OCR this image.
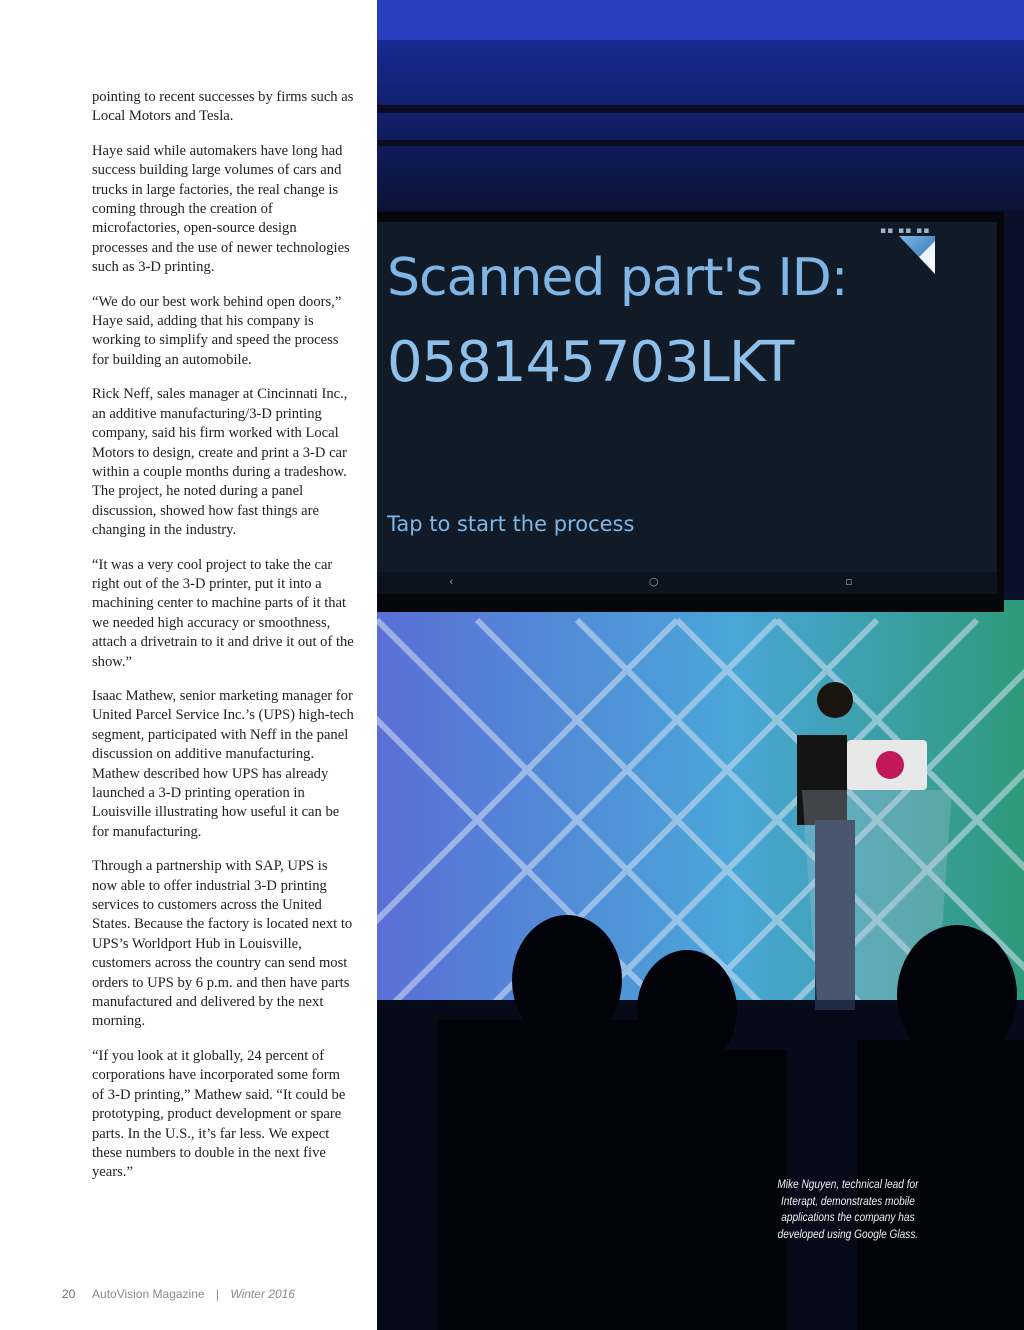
pointing to recent successes by firms such as Local Motors and Tesla.

Haye said while automakers have long had success building large volumes of cars and trucks in large factories, the real change is coming through the creation of microfactories, open-source design processes and the use of newer technologies such as 3-D printing.

“We do our best work behind open doors,” Haye said, adding that his company is working to simplify and speed the process for building an automobile.

Rick Neff, sales manager at Cincinnati Inc., an additive manufacturing/3-D printing company, said his firm worked with Local Motors to design, create and print a 3-D car within a couple months during a tradeshow. The project, he noted during a panel discussion, showed how fast things are changing in the industry.

“It was a very cool project to take the car right out of the 3-D printer, put it into a machining center to machine parts of it that we needed high accuracy or smoothness, attach a drivetrain to it and drive it out of the show.”

Isaac Mathew, senior marketing manager for United Parcel Service Inc.’s (UPS) high-tech segment, participated with Neff in the panel discussion on additive manufacturing. Mathew described how UPS has already launched a 3-D printing operation in Louisville illustrating how useful it can be for manufacturing.

Through a partnership with SAP, UPS is now able to offer industrial 3-D printing services to customers across the United States. Because the factory is located next to UPS’s Worldport Hub in Louisville, customers across the country can send most orders to UPS by 6 p.m. and then have parts manufactured and delivered by the next morning.

“If you look at it globally, 24 percent of corporations have incorporated some form of 3-D printing,” Mathew said. “It could be prototyping, product development or spare parts. In the U.S., it’s far less. We expect these numbers to double in the next five years.”

20 AutoVision Magazine | Winter 2016
▪▪ ▪▪ ▪▪
Scanned part's ID:
058145703LKT
Tap to start the process
‹	○	▫
Mike Nguyen, technical lead for Interapt, demonstrates mobile applications the company has developed using Google Glass.
